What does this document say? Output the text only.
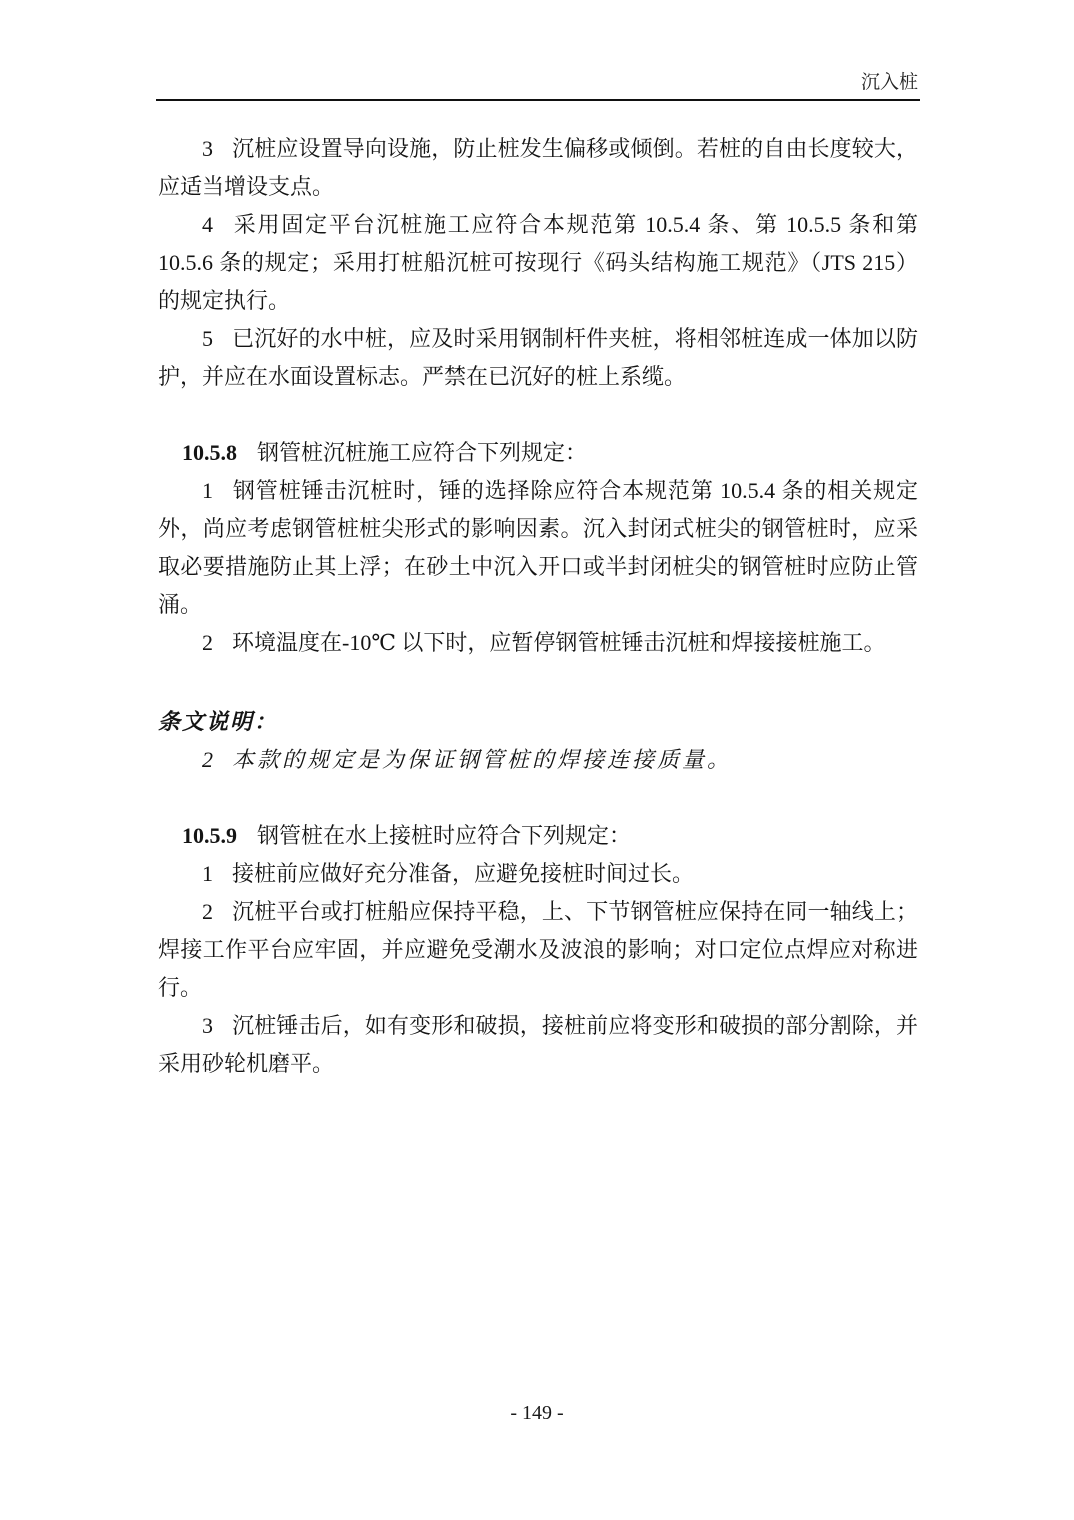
沉入桩

3 沉桩应设置导向设施，防止桩发生偏移或倾倒。若桩的自由长度较大，应适当增设支点。

4 采用固定平台沉桩施工应符合本规范第 10.5.4 条、第 10.5.5 条和第 10.5.6 条的规定；采用打桩船沉桩可按现行《码头结构施工规范》（JTS 215）的规定执行。

5 已沉好的水中桩，应及时采用钢制杆件夹桩，将相邻桩连成一体加以防护，并应在水面设置标志。严禁在已沉好的桩上系缆。

10.5.8 钢管桩沉桩施工应符合下列规定：

1 钢管桩锤击沉桩时，锤的选择除应符合本规范第 10.5.4 条的相关规定外，尚应考虑钢管桩桩尖形式的影响因素。沉入封闭式桩尖的钢管桩时，应采取必要措施防止其上浮；在砂土中沉入开口或半封闭桩尖的钢管桩时应防止管涌。

2 环境温度在-10℃ 以下时，应暂停钢管桩锤击沉桩和焊接接桩施工。

条文说明：

2 本款的规定是为保证钢管桩的焊接连接质量。

10.5.9 钢管桩在水上接桩时应符合下列规定：

1 接桩前应做好充分准备，应避免接桩时间过长。

2 沉桩平台或打桩船应保持平稳，上、下节钢管桩应保持在同一轴线上；焊接工作平台应牢固，并应避免受潮水及波浪的影响；对口定位点焊应对称进行。

3 沉桩锤击后，如有变形和破损，接桩前应将变形和破损的部分割除，并采用砂轮机磨平。

- 149 -
